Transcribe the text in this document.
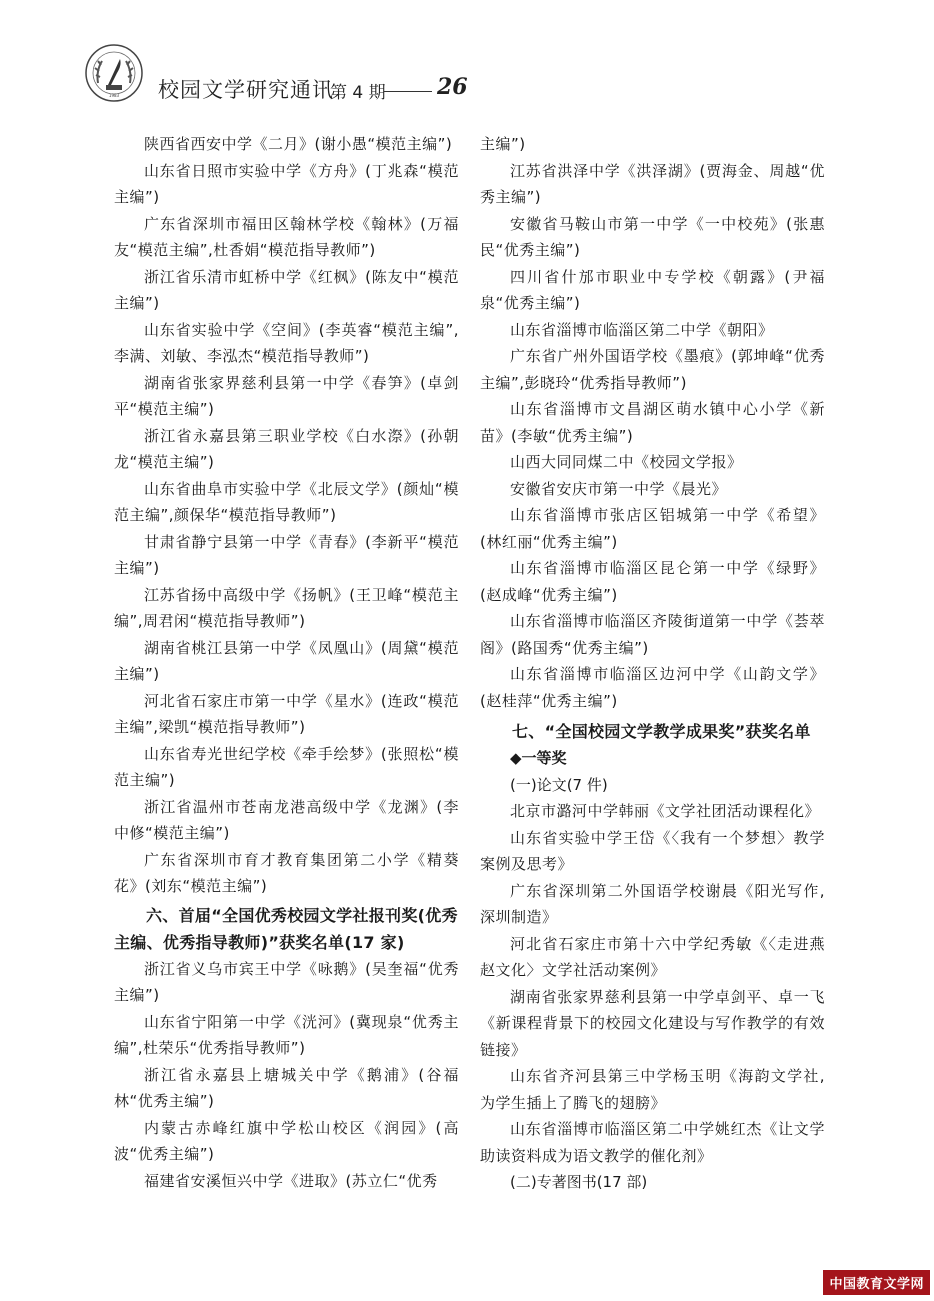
1983 校园文学研究通讯
第 4 期 26

陕西省西安中学《二月》(谢小愚“模范主编”)

山东省日照市实验中学《方舟》(丁兆森“模范主编”)

广东省深圳市福田区翰林学校《翰林》(万福友“模范主编”,杜香娟“模范指导教师”)

浙江省乐清市虹桥中学《红枫》(陈友中“模范主编”)

山东省实验中学《空间》(李英睿“模范主编”,李满、刘敏、李泓杰“模范指导教师”)

湖南省张家界慈利县第一中学《春笋》(卓剑平“模范主编”)

浙江省永嘉县第三职业学校《白水漈》(孙朝龙“模范主编”)

山东省曲阜市实验中学《北辰文学》(颜灿“模范主编”,颜保华“模范指导教师”)

甘肃省静宁县第一中学《青春》(李新平“模范主编”)

江苏省扬中高级中学《扬帆》(王卫峰“模范主编”,周君闲“模范指导教师”)

湖南省桃江县第一中学《凤凰山》(周黛“模范主编”)

河北省石家庄市第一中学《星水》(连政“模范主编”,梁凯“模范指导教师”)

山东省寿光世纪学校《牵手绘梦》(张照松“模范主编”)

浙江省温州市苍南龙港高级中学《龙渊》(李中修“模范主编”)

广东省深圳市育才教育集团第二小学《精葵花》(刘东“模范主编”)

六、首届“全国优秀校园文学社报刊奖(优秀主编、优秀指导教师)”获奖名单(17 家)

浙江省义乌市宾王中学《咏鹅》(吴奎福“优秀主编”)

山东省宁阳第一中学《洸河》(冀现泉“优秀主编”,杜荣乐“优秀指导教师”)

浙江省永嘉县上塘城关中学《鹅浦》(谷福林“优秀主编”)

内蒙古赤峰红旗中学松山校区《润园》(高波“优秀主编”)

福建省安溪恒兴中学《进取》(苏立仁“优秀

主编”)

江苏省洪泽中学《洪泽湖》(贾海金、周越“优秀主编”)

安徽省马鞍山市第一中学《一中校苑》(张惠民“优秀主编”)

四川省什邡市职业中专学校《朝露》(尹福泉“优秀主编”)

山东省淄博市临淄区第二中学《朝阳》

广东省广州外国语学校《墨痕》(郭坤峰“优秀主编”,彭晓玲“优秀指导教师”)

山东省淄博市文昌湖区萌水镇中心小学《新苗》(李敏“优秀主编”)

山西大同同煤二中《校园文学报》

安徽省安庆市第一中学《晨光》

山东省淄博市张店区铝城第一中学《希望》(林红丽“优秀主编”)

山东省淄博市临淄区昆仑第一中学《绿野》(赵成峰“优秀主编”)

山东省淄博市临淄区齐陵街道第一中学《荟萃阁》(路国秀“优秀主编”)

山东省淄博市临淄区边河中学《山韵文学》(赵桂萍“优秀主编”)

七、“全国校园文学教学成果奖”获奖名单

◆一等奖

(一)论文(7 件)

北京市潞河中学韩丽《文学社团活动课程化》

山东省实验中学王岱《〈我有一个梦想〉教学案例及思考》

广东省深圳第二外国语学校谢晨《阳光写作,深圳制造》

河北省石家庄市第十六中学纪秀敏《〈走进燕赵文化〉文学社活动案例》

湖南省张家界慈利县第一中学卓剑平、卓一飞《新课程背景下的校园文化建设与写作教学的有效链接》

山东省齐河县第三中学杨玉明《海韵文学社,为学生插上了腾飞的翅膀》

山东省淄博市临淄区第二中学姚红杰《让文学助读资料成为语文教学的催化剂》

(二)专著图书(17 部)

中国教育文学网
